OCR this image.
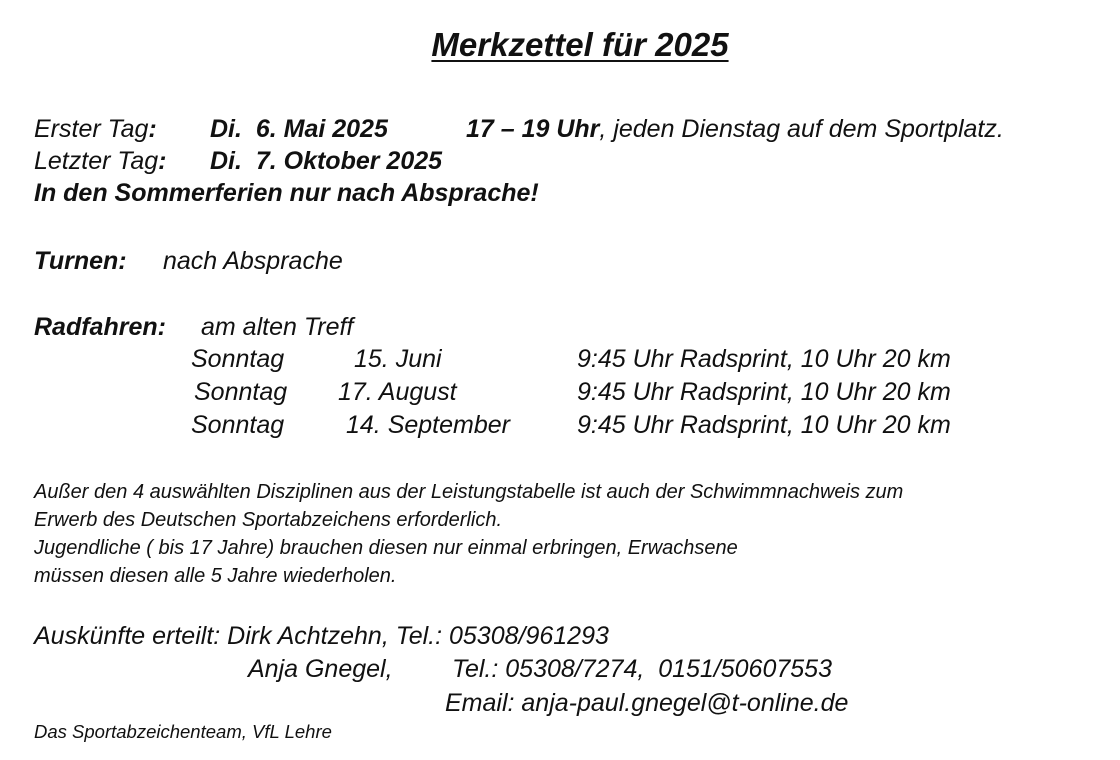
Merkzettel für 2025
Erster Tag: Di.  6. Mai 2025	17 – 19 Uhr, jeden Dienstag auf dem Sportplatz.
Letzter Tag: Di.  7. Oktober 2025
In den Sommerferien nur nach Absprache!
Turnen: nach Absprache
Radfahren: am alten Treff
Sonntag	15. Juni	9:45 Uhr Radsprint, 10 Uhr 20 km
Sonntag 17. August	9:45 Uhr Radsprint, 10 Uhr 20 km
Sonntag 14. September	9:45 Uhr Radsprint, 10 Uhr 20 km
Außer den 4 auswählten Disziplinen aus der Leistungstabelle ist auch der Schwimmnachweis zum
Erwerb des Deutschen Sportabzeichens erforderlich.
Jugendliche ( bis 17 Jahre) brauchen diesen nur einmal erbringen, Erwachsene
müssen diesen alle 5 Jahre wiederholen.
Auskünfte erteilt: Dirk Achtzehn, Tel.: 05308/961293
Anja Gnegel, Tel.: 05308/7274,  0151/50607553
Email: anja-paul.gnegel@t-online.de
Das Sportabzeichenteam, VfL Lehre
